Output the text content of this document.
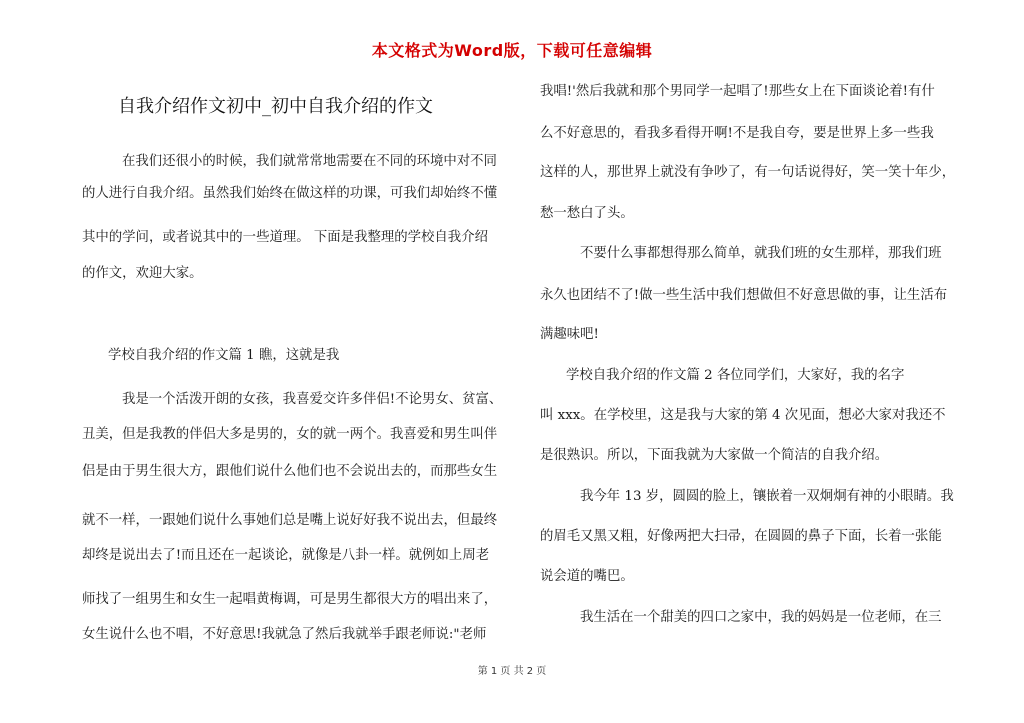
本文格式为Word版，下载可任意编辑
自我介绍作文初中_初中自我介绍的作文
在我们还很小的时候，我们就常常地需要在不同的环境中对不同
的人进行自我介绍。虽然我们始终在做这样的功课，可我们却始终不懂
其中的学问，或者说其中的一些道理。 下面是我整理的学校自我介绍
的作文，欢迎大家。
学校自我介绍的作文篇 1 瞧，这就是我
我是一个活泼开朗的女孩，我喜爱交许多伴侣!不论男女、贫富、
丑美，但是我教的伴侣大多是男的，女的就一两个。我喜爱和男生叫伴
侣是由于男生很大方，跟他们说什么他们也不会说出去的，而那些女生
就不一样，一跟她们说什么事她们总是嘴上说好好我不说出去，但最终
却终是说出去了!而且还在一起谈论，就像是八卦一样。就例如上周老
师找了一组男生和女生一起唱黄梅调，可是男生都很大方的唱出来了，
女生说什么也不唱，不好意思!我就急了然后我就举手跟老师说:"老师
我唱!'然后我就和那个男同学一起唱了!那些女上在下面谈论着!有什
么不好意思的，看我多看得开啊!不是我自夸，要是世界上多一些我
这样的人，那世界上就没有争吵了，有一句话说得好，笑一笑十年少，
愁一愁白了头。
不要什么事都想得那么简单，就我们班的女生那样，那我们班
永久也团结不了!做一些生活中我们想做但不好意思做的事，让生活布
满趣味吧!
学校自我介绍的作文篇 2 各位同学们，大家好，我的名字
叫 xxx。在学校里，这是我与大家的第 4 次见面，想必大家对我还不
是很熟识。所以，下面我就为大家做一个简洁的自我介绍。
我今年 13 岁，圆圆的脸上，镶嵌着一双炯炯有神的小眼睛。我
的眉毛又黑又粗，好像两把大扫帚，在圆圆的鼻子下面，长着一张能
说会道的嘴巴。
我生活在一个甜美的四口之家中，我的妈妈是一位老师，在三
第 1 页 共 2 页
